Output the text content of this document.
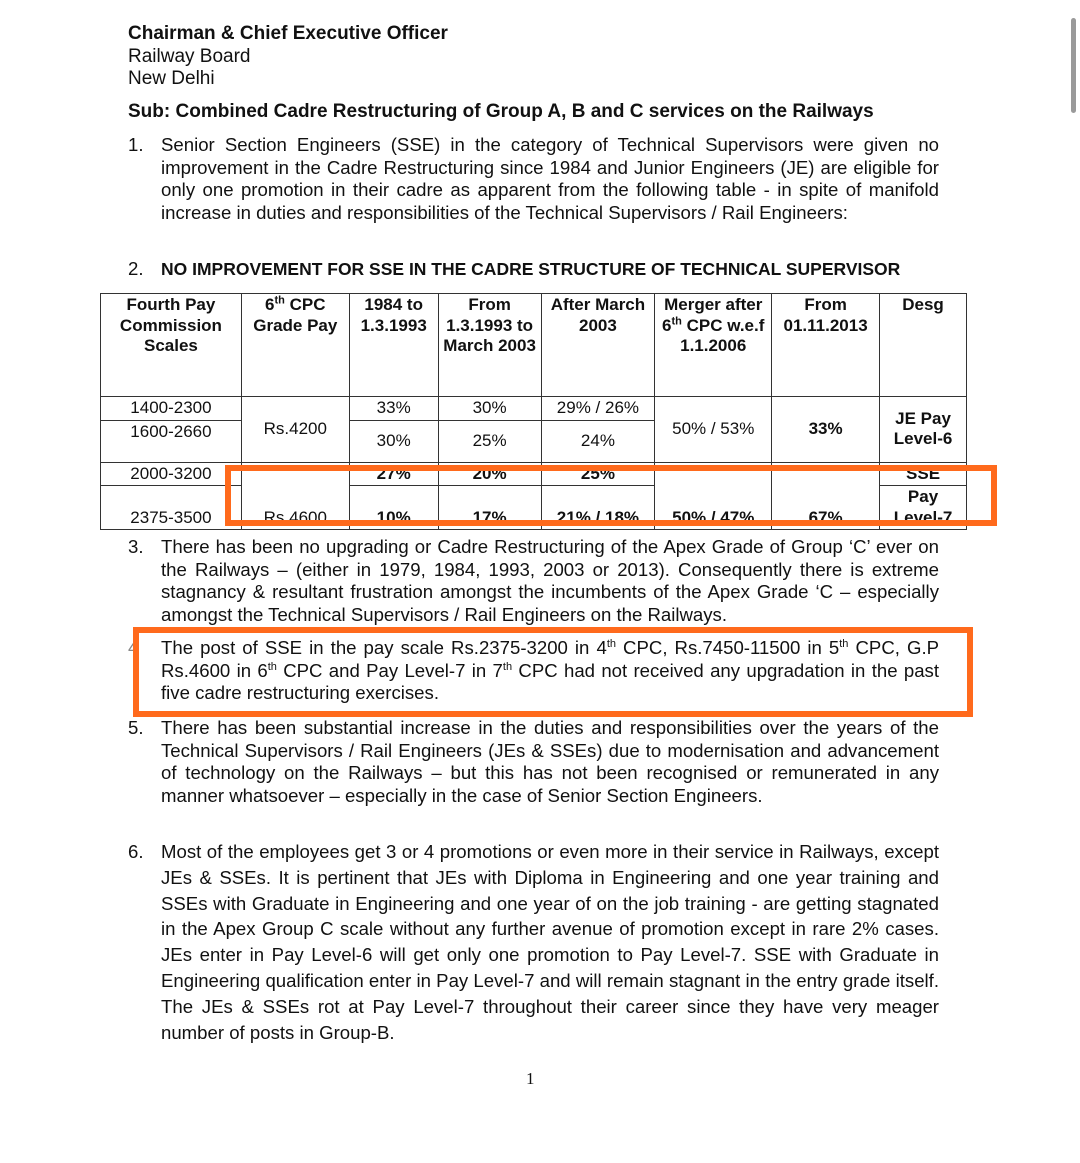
Chairman & Chief Executive Officer
Railway Board
New Delhi
Sub: Combined Cadre Restructuring of Group A, B and C services on the Railways
1. Senior Section Engineers (SSE) in the category of Technical Supervisors were given no improvement in the Cadre Restructuring since 1984 and Junior Engineers (JE) are eligible for only one promotion in their cadre as apparent from the following table - in spite of manifold increase in duties and responsibilities of the Technical Supervisors / Rail Engineers:
2. NO IMPROVEMENT FOR SSE IN THE CADRE STRUCTURE OF TECHNICAL SUPERVISOR
Fourth Pay Commission Scales	6th CPC Grade Pay	1984 to 1.3.1993	From 1.3.1993 to March 2003	After March 2003	Merger after 6th CPC w.e.f 1.1.2006	From 01.11.2013	Desg
1400-2300	Rs.4200	33%	30%	29% / 26%	50% / 53%	33%	JE Pay Level-6
1600-2660		30%	25%	24%			
2000-3200	Rs.4600	27%	20%	25%	50% / 47%	67%	SSE
2375-3500		10%	17%	21% / 18%			Pay Level-7
3. There has been no upgrading or Cadre Restructuring of the Apex Grade of Group ‘C’ ever on the Railways – (either in 1979, 1984, 1993, 2003 or 2013). Consequently there is extreme stagnancy & resultant frustration amongst the incumbents of the Apex Grade ‘C – especially amongst the Technical Supervisors / Rail Engineers on the Railways.
4	The post of SSE in the pay scale Rs.2375-3200 in 4th CPC, Rs.7450-11500 in 5th CPC, G.P Rs.4600 in 6th CPC and Pay Level-7 in 7th CPC had not received any upgradation in the past five cadre restructuring exercises.
5. There has been substantial increase in the duties and responsibilities over the years of the Technical Supervisors / Rail Engineers (JEs & SSEs) due to modernisation and advancement of technology on the Railways – but this has not been recognised or remunerated in any manner whatsoever – especially in the case of Senior Section Engineers.
6. Most of the employees get 3 or 4 promotions or even more in their service in Railways, except JEs & SSEs. It is pertinent that JEs with Diploma in Engineering and one year training and SSEs with Graduate in Engineering and one year of on the job training - are getting stagnated in the Apex Group C scale without any further avenue of promotion except in rare 2% cases. JEs enter in Pay Level-6 will get only one promotion to Pay Level-7. SSE with Graduate in Engineering qualification enter in Pay Level-7 and will remain stagnant in the entry grade itself. The JEs & SSEs rot at Pay Level-7 throughout their career since they have very meager number of posts in Group-B.
1
